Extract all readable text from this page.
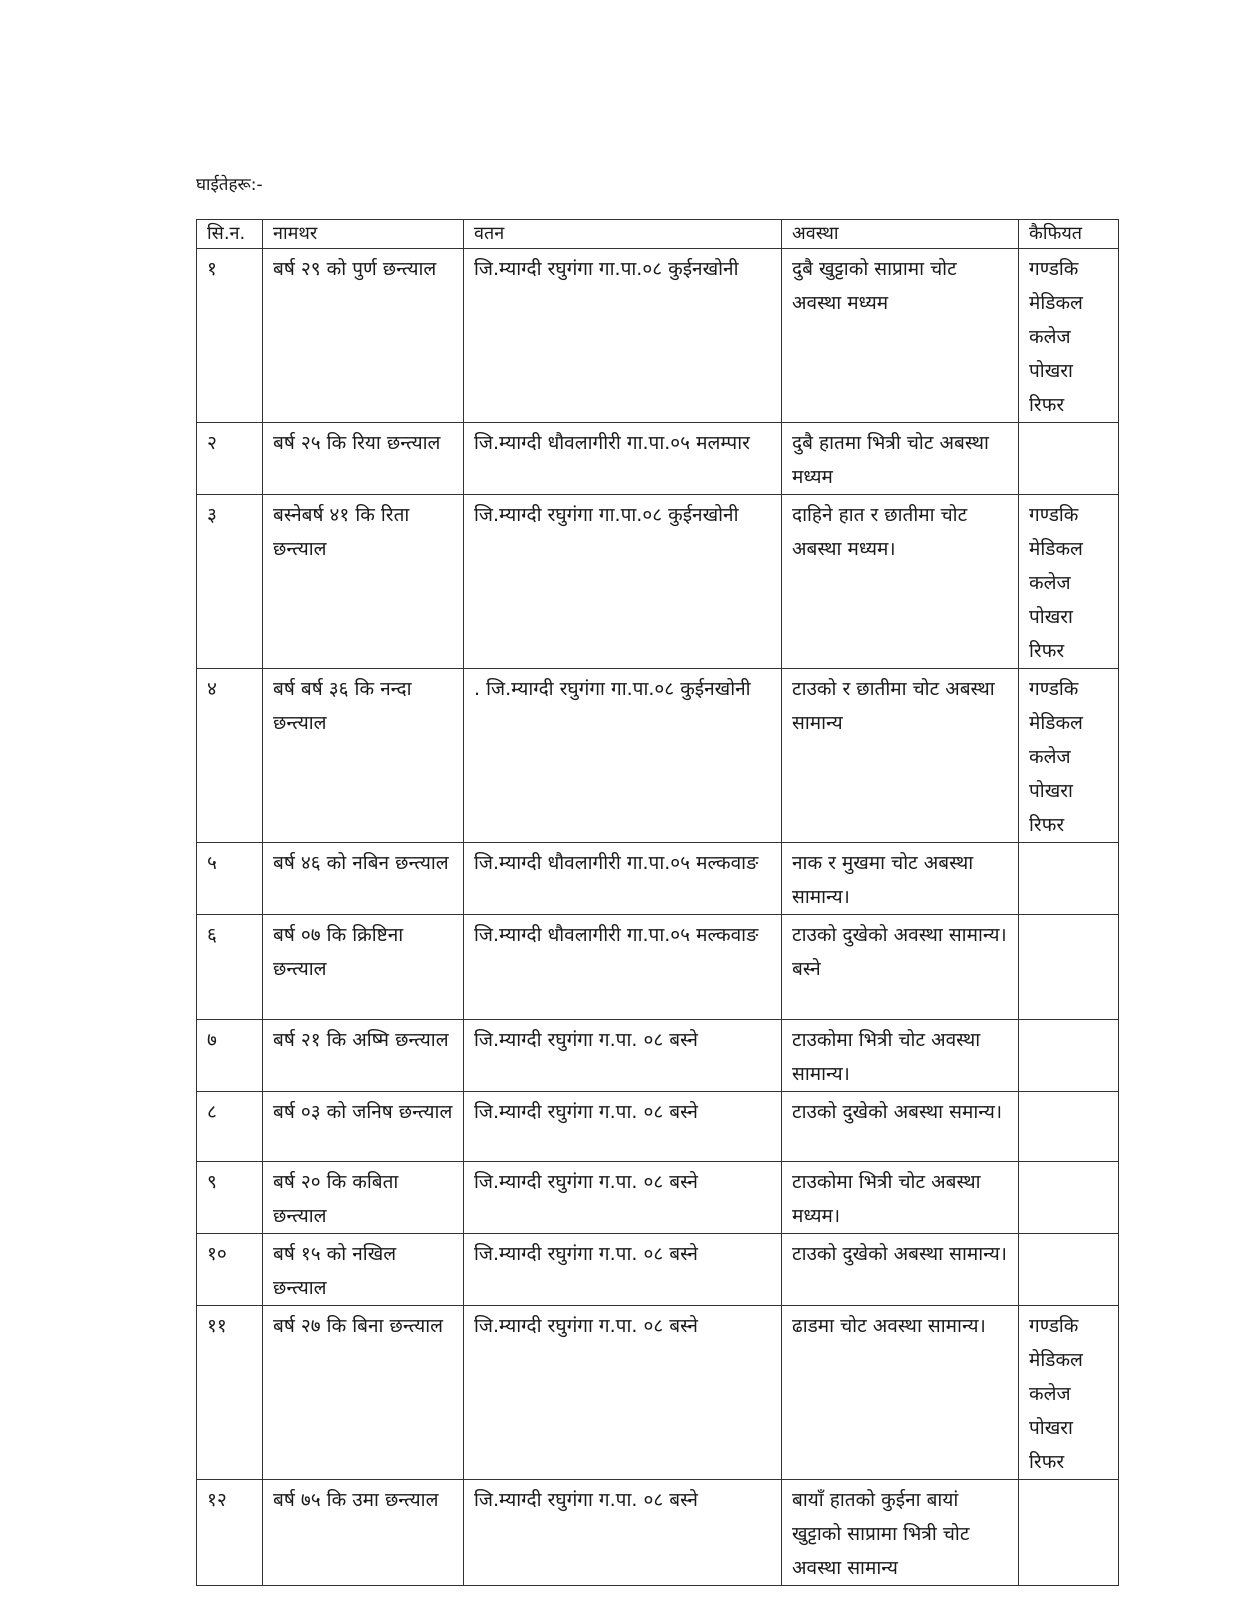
घाईतेहरू:-
सि.न.	नामथर	वतन	अवस्था	कैफियत
१	बर्ष २९ को पुर्ण छन्त्याल	जि.म्याग्दी रघुगंगा गा.पा.०८ कुईनखोनी	दुबै खुट्टाको साप्रामा चोट अवस्था मध्यम	गण्डकि मेडिकल कलेज पोखरा रिफर
२	बर्ष २५ कि रिया छन्त्याल	जि.म्याग्दी धौवलागीरी गा.पा.०५ मलम्पार	दुबै हातमा भित्री चोट अबस्था मध्यम	
३	बस्नेबर्ष ४१ कि रिता छन्त्याल	जि.म्याग्दी रघुगंगा गा.पा.०८ कुईनखोनी	दाहिने हात र छातीमा चोट अबस्था मध्यम।	गण्डकि मेडिकल कलेज पोखरा रिफर
४	बर्ष बर्ष ३६ कि नन्दा छन्त्याल	. जि.म्याग्दी रघुगंगा गा.पा.०८ कुईनखोनी	टाउको र छातीमा चोट अबस्था सामान्य	गण्डकि मेडिकल कलेज पोखरा रिफर
५	बर्ष ४६ को नबिन छन्त्याल	जि.म्याग्दी धौवलागीरी गा.पा.०५ मल्कवाङ	नाक र मुखमा चोट अबस्था सामान्य।	
६	बर्ष ०७ कि क्रिष्टिना छन्त्याल	जि.म्याग्दी धौवलागीरी गा.पा.०५ मल्कवाङ	टाउको दुखेको अवस्था सामान्य। बस्ने	
७	बर्ष २१ कि अष्मि छन्त्याल	जि.म्याग्दी रघुगंगा ग.पा. ०८ बस्ने	टाउकोमा भित्री चोट अवस्था सामान्य।	
८	बर्ष ०३ को जनिष छन्त्याल	जि.म्याग्दी रघुगंगा ग.पा. ०८ बस्ने	टाउको दुखेको अबस्था समान्य।	
९	बर्ष २० कि कबिता छन्त्याल	जि.म्याग्दी रघुगंगा ग.पा. ०८ बस्ने	टाउकोमा भित्री चोट अबस्था मध्यम।	
१०	बर्ष १५ को नखिल छन्त्याल	जि.म्याग्दी रघुगंगा ग.पा. ०८ बस्ने	टाउको दुखेको अबस्था सामान्य।	
११	बर्ष २७ कि बिना छन्त्याल	जि.म्याग्दी रघुगंगा ग.पा. ०८ बस्ने	ढाडमा चोट अवस्था सामान्य।	गण्डकि मेडिकल कलेज पोखरा रिफर
१२	बर्ष ७५ कि उमा छन्त्याल	जि.म्याग्दी रघुगंगा ग.पा. ०८ बस्ने	बायाँ हातको कुईना बायां खुट्टाको साप्रामा भित्री चोट अवस्था सामान्य	
